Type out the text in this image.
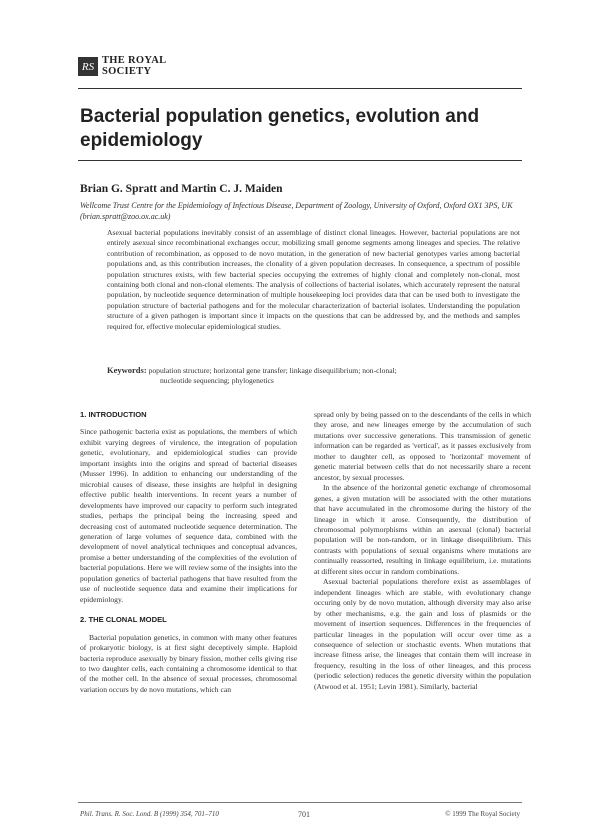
RS THE ROYAL
SOCIETY
Bacterial population genetics, evolution and epidemiology
Brian G. Spratt and Martin C. J. Maiden
Wellcome Trust Centre for the Epidemiology of Infectious Disease, Department of Zoology, University of Oxford, Oxford OX1 3PS, UK (brian.spratt@zoo.ox.ac.uk)
Asexual bacterial populations inevitably consist of an assemblage of distinct clonal lineages. However, bacterial populations are not entirely asexual since recombinational exchanges occur, mobilizing small genome segments among lineages and species. The relative contribution of recombination, as opposed to de novo mutation, in the generation of new bacterial genotypes varies among bacterial populations and, as this contribution increases, the clonality of a given population decreases. In consequence, a spectrum of possible population structures exists, with few bacterial species occupying the extremes of highly clonal and completely non-clonal, most containing both clonal and non-clonal elements. The analysis of collections of bacterial isolates, which accurately represent the natural population, by nucleotide sequence determination of multiple housekeeping loci provides data that can be used both to investigate the population structure of bacterial pathogens and for the molecular characterization of bacterial isolates. Understanding the population structure of a given pathogen is important since it impacts on the questions that can be addressed by, and the methods and samples required for, effective molecular epidemiological studies.
Keywords: population structure; horizontal gene transfer; linkage disequilibrium; non-clonal;
nucleotide sequencing; phylogenetics
1. INTRODUCTION

Since pathogenic bacteria exist as populations, the members of which exhibit varying degrees of virulence, the integration of population genetic, evolutionary, and epidemiological studies can provide important insights into the origins and spread of bacterial diseases (Musser 1996). In addition to enhancing our understanding of the microbial causes of disease, these insights are helpful in designing effective public health interventions. In recent years a number of developments have improved our capacity to perform such integrated studies, perhaps the principal being the increasing speed and decreasing cost of automated nucleotide sequence determination. The generation of large volumes of sequence data, combined with the development of novel analytical techniques and conceptual advances, promise a better understanding of the complexities of the evolution of bacterial populations. Here we will review some of the insights into the population genetics of bacterial pathogens that have resulted from the use of nucleotide sequence data and examine their implications for epidemiology.

2. THE CLONAL MODEL

Bacterial population genetics, in common with many other features of prokaryotic biology, is at first sight deceptively simple. Haploid bacteria reproduce asexually by binary fission, mother cells giving rise to two daughter cells, each containing a chromosome identical to that of the mother cell. In the absence of sexual processes, chromosomal variation occurs by de novo mutations, which can

spread only by being passed on to the descendants of the cells in which they arose, and new lineages emerge by the accumulation of such mutations over successive generations. This transmission of genetic information can be regarded as 'vertical', as it passes exclusively from mother to daughter cell, as opposed to 'horizontal' movement of genetic material between cells that do not necessarily share a recent ancestor, by sexual processes.

In the absence of the horizontal genetic exchange of chromosomal genes, a given mutation will be associated with the other mutations that have accumulated in the chromosome during the history of the lineage in which it arose. Consequently, the distribution of chromosomal polymorphisms within an asexual (clonal) bacterial population will be non-random, or in linkage disequilibrium. This contrasts with populations of sexual organisms where mutations are continually reassorted, resulting in linkage equilibrium, i.e. mutations at different sites occur in random combinations.

Asexual bacterial populations therefore exist as assemblages of independent lineages which are stable, with evolutionary change occuring only by de novo mutation, although diversity may also arise by other mechanisms, e.g. the gain and loss of plasmids or the movement of insertion sequences. Differences in the frequencies of particular lineages in the population will occur over time as a consequence of selection or stochastic events. When mutations that increase fitness arise, the lineages that contain them will increase in frequency, resulting in the loss of other lineages, and this process (periodic selection) reduces the genetic diversity within the population (Atwood et al. 1951; Levin 1981). Similarly, bacterial

Phil. Trans. R. Soc. Lond. B (1999) 354, 701–710	701	© 1999 The Royal Society
